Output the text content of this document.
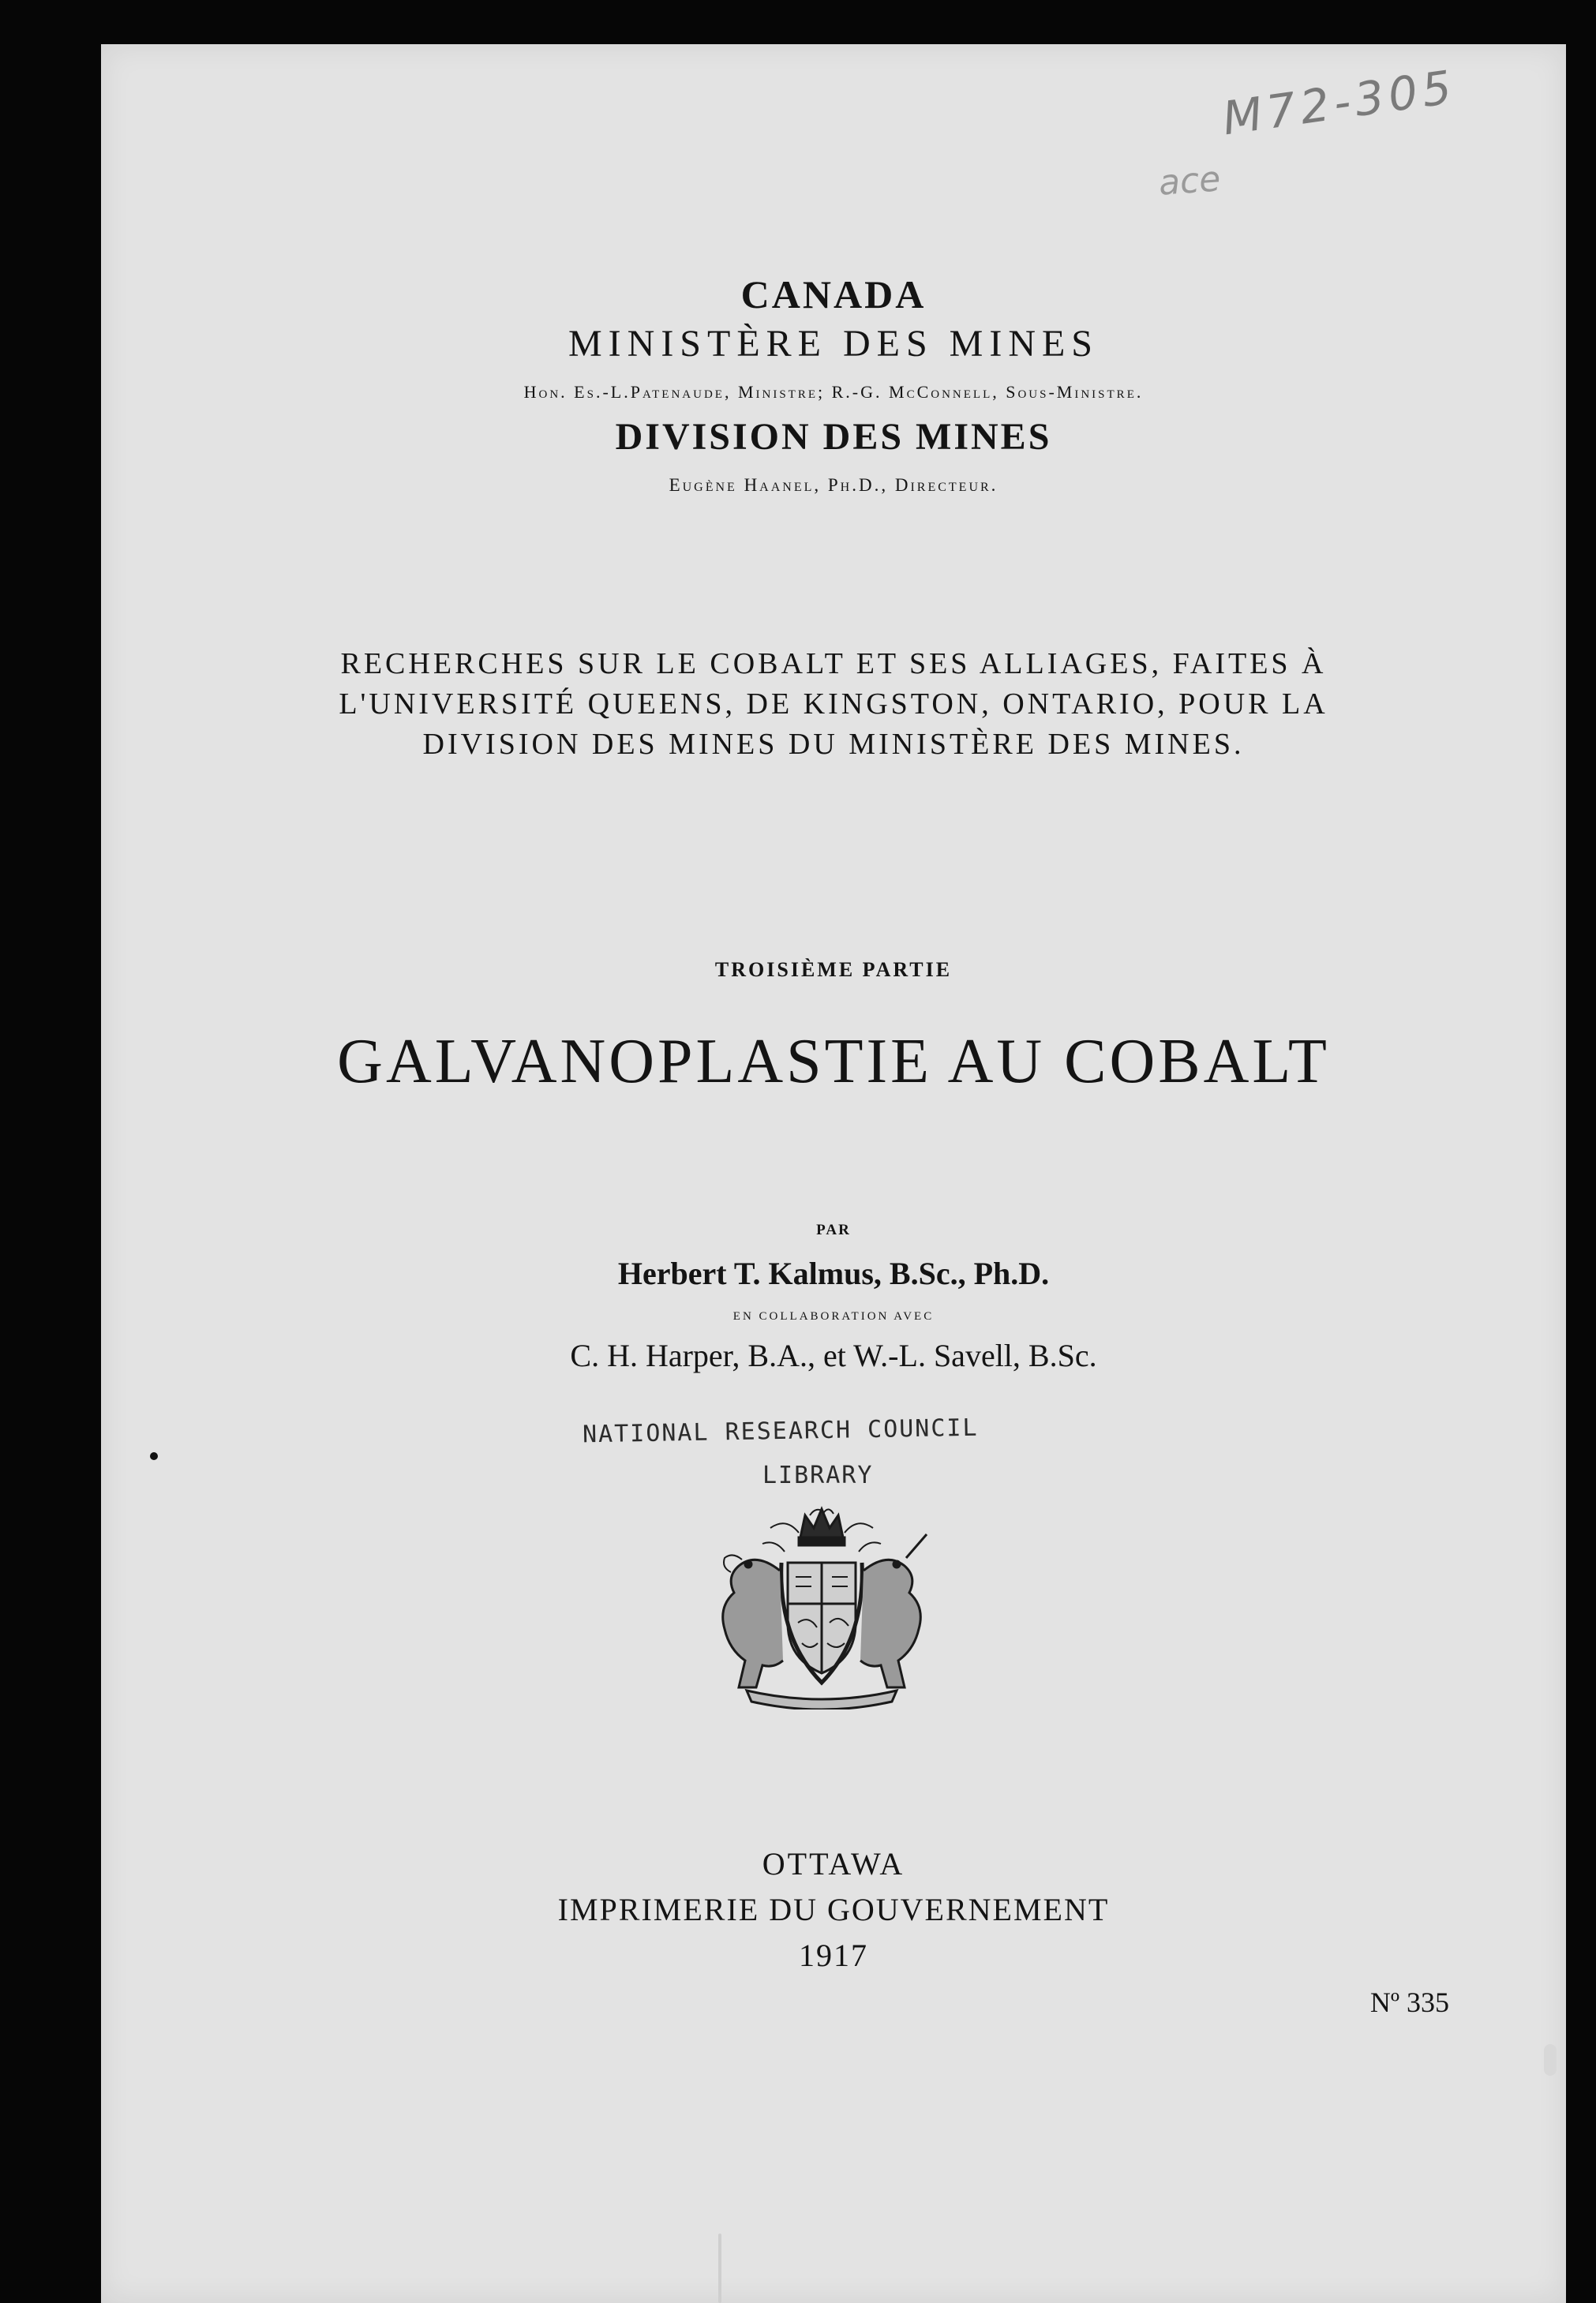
M72-305
ace
CANADA
MINISTÈRE DES MINES
Hon. Es.-L.Patenaude, Ministre; R.-G. McConnell, Sous-Ministre.
DIVISION DES MINES
Eugène Haanel, Ph.D., Directeur.
RECHERCHES SUR LE COBALT ET SES ALLIAGES, FAITES À
L'UNIVERSITÉ QUEENS, DE KINGSTON, ONTARIO, POUR LA
DIVISION DES MINES DU MINISTÈRE DES MINES.
TROISIÈME PARTIE
GALVANOPLASTIE AU COBALT
PAR
Herbert T. Kalmus, B.Sc., Ph.D.
EN COLLABORATION AVEC
C. H. Harper, B.A., et W.-L. Savell, B.Sc.
NATIONAL RESEARCH COUNCIL
LIBRARY
OTTAWA
IMPRIMERIE DU GOUVERNEMENT
1917
Nº 335
